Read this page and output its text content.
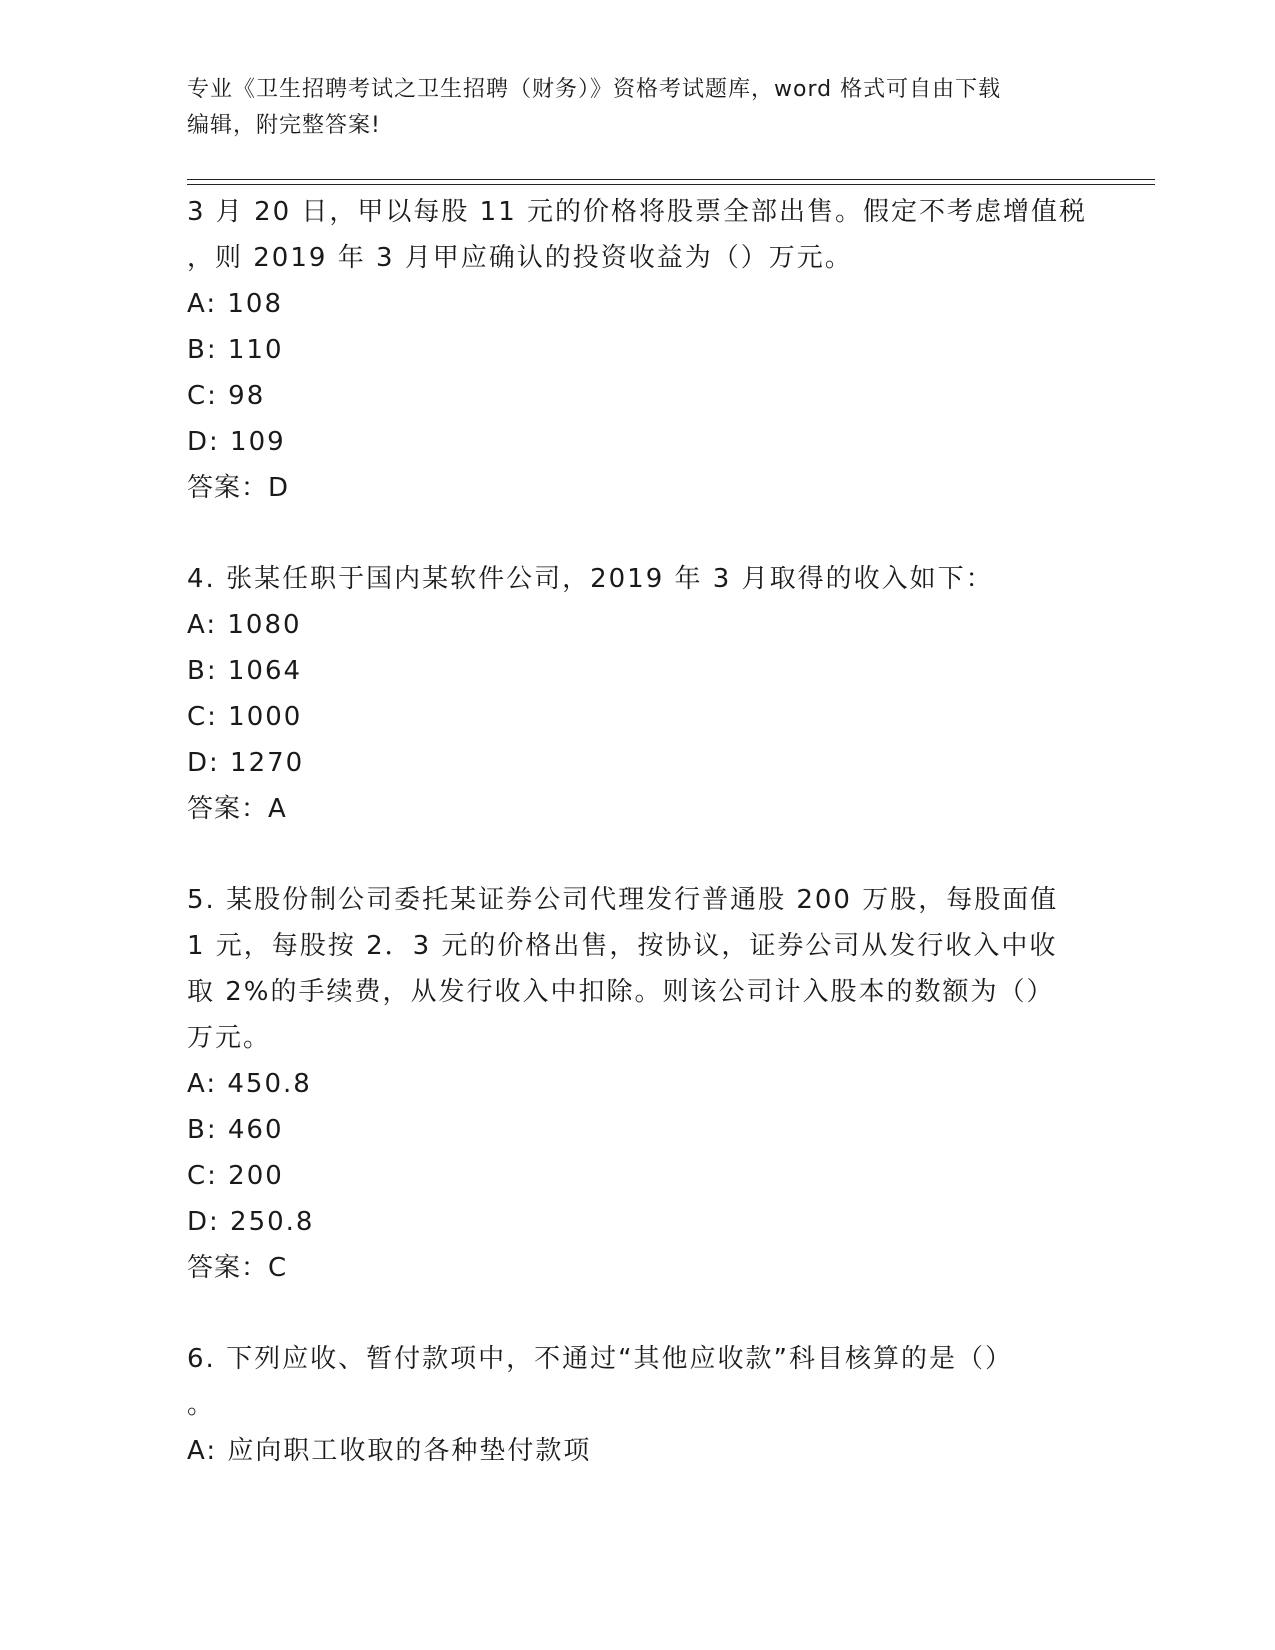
专业《卫生招聘考试之卫生招聘（财务）》资格考试题库，word 格式可自由下载
编辑，附完整答案!
3 月 20 日，甲以每股 11 元的价格将股票全部出售。假定不考虑增值税
，则 2019 年 3 月甲应确认的投资收益为（）万元。
A: 108
B: 110
C: 98
D: 109
答案：D
4. 张某任职于国内某软件公司，2019 年 3 月取得的收入如下：
A: 1080
B: 1064
C: 1000
D: 1270
答案：A
5. 某股份制公司委托某证券公司代理发行普通股 200 万股，每股面值
1 元，每股按 2．3 元的价格出售，按协议，证券公司从发行收入中收
取 2%的手续费，从发行收入中扣除。则该公司计入股本的数额为（）
万元。
A: 450.8
B: 460
C: 200
D: 250.8
答案：C
6. 下列应收、暂付款项中，不通过“其他应收款”科目核算的是（）
。
A: 应向职工收取的各种垫付款项
